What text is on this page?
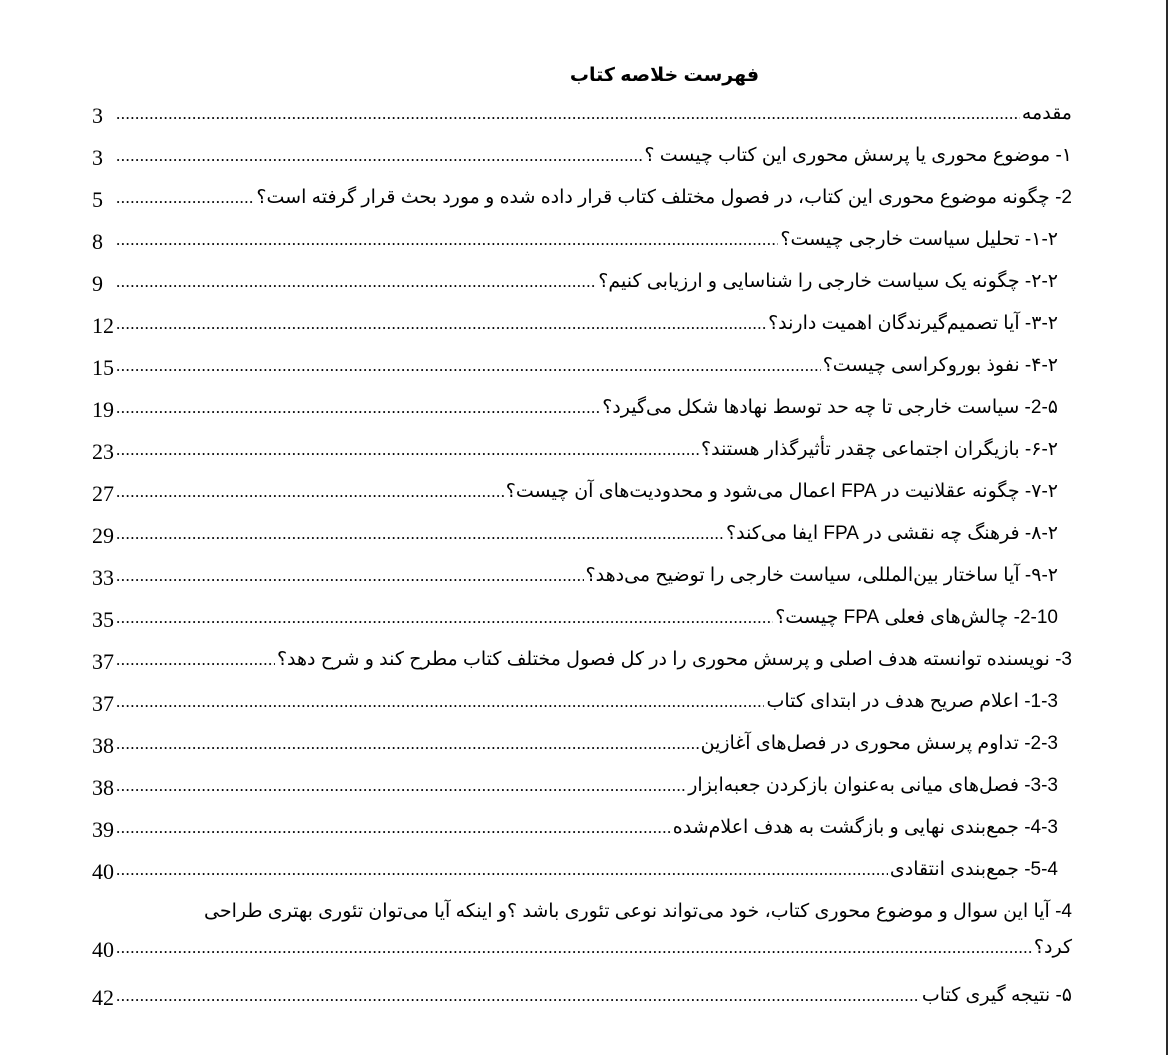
فهرست خلاصه کتاب
مقدمه
.....
3
۱- موضوع محوری یا پرسش محوری این کتاب چیست ؟
.....
3
2- چگونه موضوع محوری این کتاب، در فصول مختلف کتاب قرار داده شده و مورد بحث قرار گرفته است؟
.....
5
۱-۲- تحلیل سیاست خارجی چیست؟
.....
8
۲-۲- چگونه یک سیاست خارجی را شناسایی و ارزیابی کنیم؟
.....
9
۳-۲- آیا تصمیم‌گیرندگان اهمیت دارند؟
.....
12
۴-۲- نفوذ بوروکراسی چیست؟
.....
15
2-۵- سیاست خارجی تا چه حد توسط نهادها شکل می‌گیرد؟
.....
19
۶-۲- بازیگران اجتماعی چقدر تأثیرگذار هستند؟
.....
23
۷-۲- چگونه عقلانیت در FPA اعمال می‌شود و محدودیت‌های آن چیست؟
.....
27
۸-۲- فرهنگ چه نقشی در FPA ایفا می‌کند؟
.....
29
۹-۲- آیا ساختار بین‌المللی، سیاست خارجی را توضیح می‌دهد؟
.....
33
2-10- چالش‌های فعلی FPA چیست؟
.....
35
3- نویسنده توانسته هدف اصلی و پرسش محوری را در کل فصول مختلف کتاب مطرح کند و شرح دهد؟
.....
37
1-3- اعلام صریح هدف در ابتدای کتاب
.....
37
2-3- تداوم پرسش محوری در فصل‌های آغازین
.....
38
3-3- فصل‌های میانی به‌عنوان بازکردن جعبه‌ابزار
.....
38
4-3- جمع‌بندی نهایی و بازگشت به هدف اعلام‌شده
.....
39
5-4- جمع‌بندی انتقادی
.....
40
4- آیا این سوال و موضوع محوری کتاب، خود می‌تواند نوعی تئوری باشد ؟و اینکه آیا می‌توان تئوری بهتری طراحی
کرد؟
.....
40
۵- نتیجه گیری کتاب
.....
42
